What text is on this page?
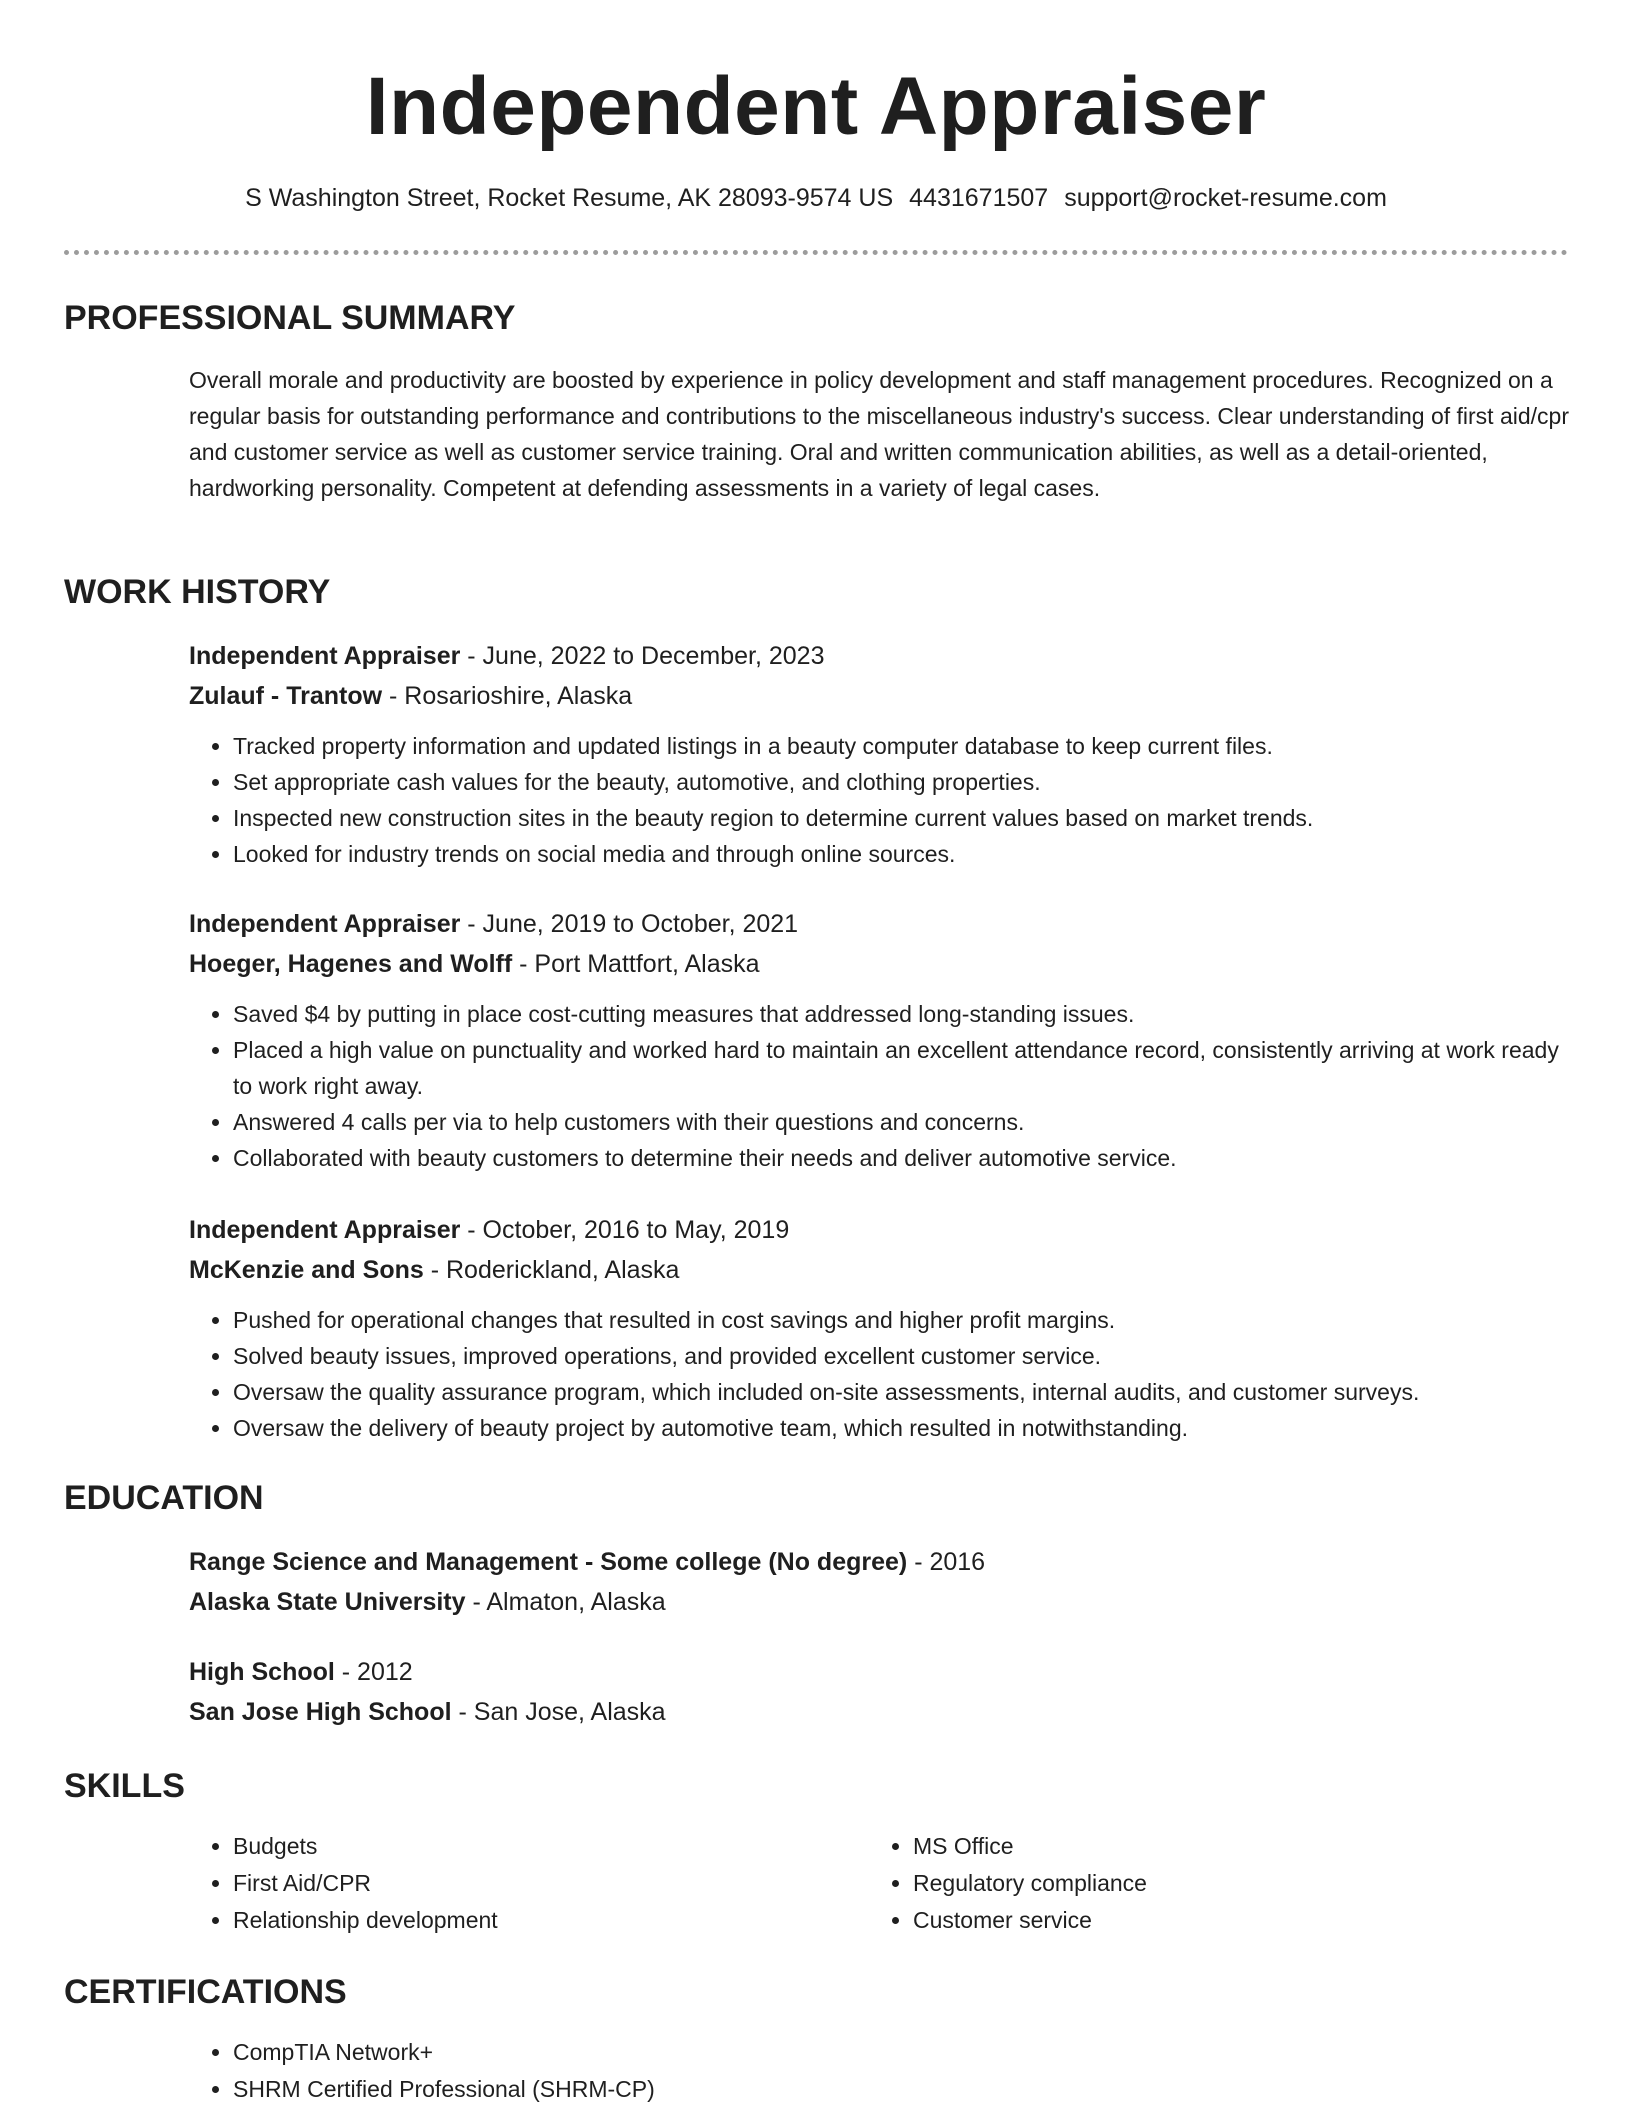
Independent Appraiser
S Washington Street, Rocket Resume, AK 28093-9574 US 4431671507 support@rocket-resume.com
PROFESSIONAL SUMMARY

Overall morale and productivity are boosted by experience in policy development and staff management procedures. Recognized on a regular basis for outstanding performance and contributions to the miscellaneous industry's success. Clear understanding of first aid/cpr and customer service as well as customer service training. Oral and written communication abilities, as well as a detail-oriented, hardworking personality. Competent at defending assessments in a variety of legal cases.

WORK HISTORY

Independent Appraiser - June, 2022 to December, 2023

Zulauf - Trantow - Rosarioshire, Alaska

• Tracked property information and updated listings in a beauty computer database to keep current files.
• Set appropriate cash values for the beauty, automotive, and clothing properties.
• Inspected new construction sites in the beauty region to determine current values based on market trends.
• Looked for industry trends on social media and through online sources.

Independent Appraiser - June, 2019 to October, 2021

Hoeger, Hagenes and Wolff - Port Mattfort, Alaska

• Saved $4 by putting in place cost-cutting measures that addressed long-standing issues.
• Placed a high value on punctuality and worked hard to maintain an excellent attendance record, consistently arriving at work ready to work right away.
• Answered 4 calls per via to help customers with their questions and concerns.
• Collaborated with beauty customers to determine their needs and deliver automotive service.

Independent Appraiser - October, 2016 to May, 2019

McKenzie and Sons - Roderickland, Alaska

• Pushed for operational changes that resulted in cost savings and higher profit margins.
• Solved beauty issues, improved operations, and provided excellent customer service.
• Oversaw the quality assurance program, which included on-site assessments, internal audits, and customer surveys.
• Oversaw the delivery of beauty project by automotive team, which resulted in notwithstanding.
EDUCATION

Range Science and Management - Some college (No degree) - 2016

Alaska State University - Almaton, Alaska

High School - 2012

San Jose High School - San Jose, Alaska

SKILLS
• Budgets
• First Aid/CPR
• Relationship development
• MS Office
• Regulatory compliance
• Customer service
CERTIFICATIONS
• CompTIA Network+
• SHRM Certified Professional (SHRM-CP)
